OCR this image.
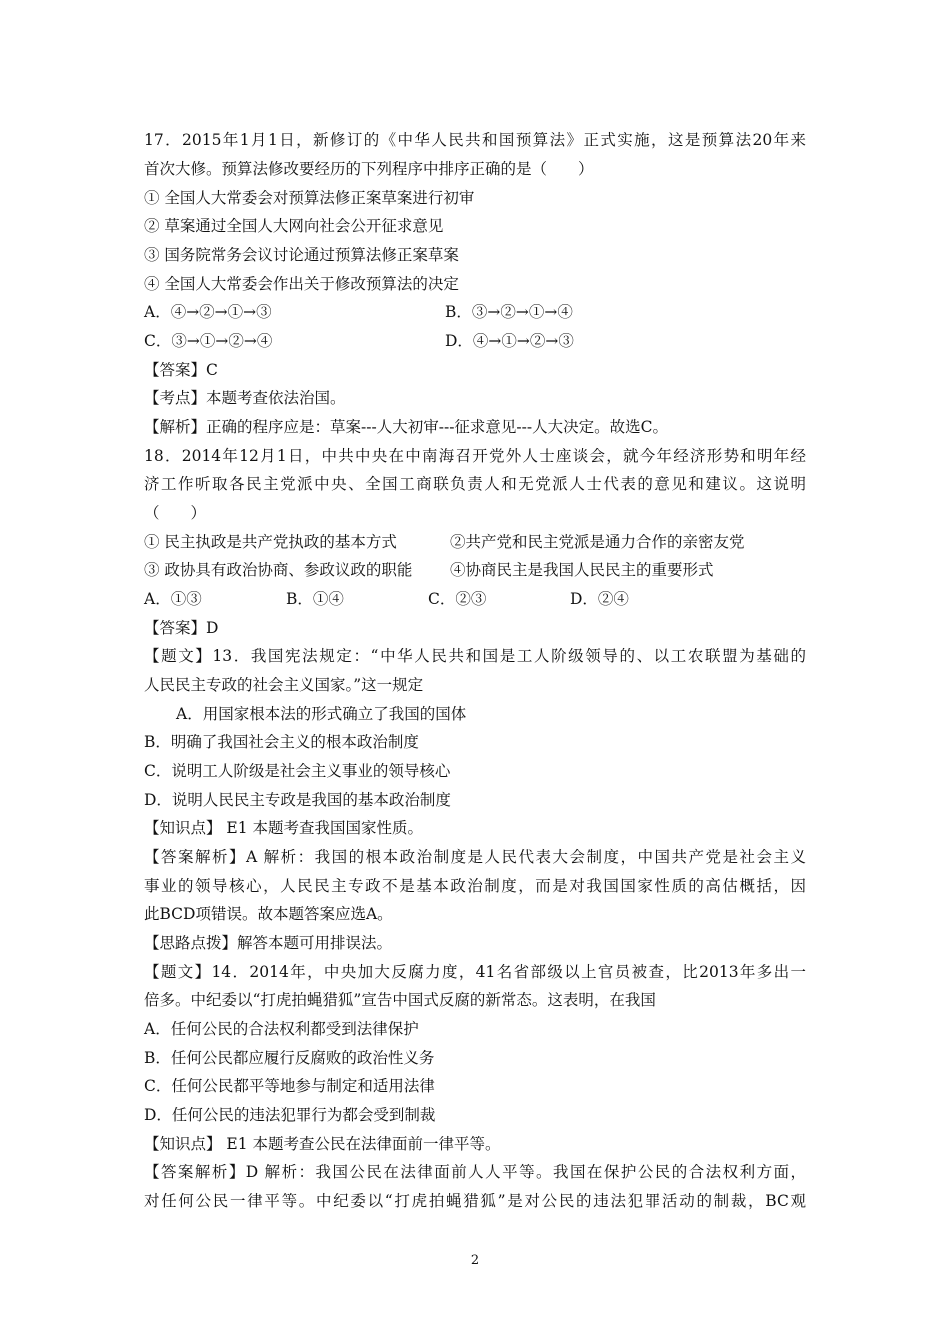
17．2015年1月1日，新修订的《中华人民共和国预算法》正式实施，这是预算法20年来
首次大修。预算法修改要经历的下列程序中排序正确的是（　　）
① 全国人大常委会对预算法修正案草案进行初审
② 草案通过全国人大网向社会公开征求意见
③ 国务院常务会议讨论通过预算法修正案草案
④ 全国人大常委会作出关于修改预算法的决定
A．④→②→①→③	B．③→②→①→④
C．③→①→②→④	D．④→①→②→③
【答案】C
【考点】本题考查依法治国。
【解析】正确的程序应是：草案---人大初审---征求意见---人大决定。故选C。
18．2014年12月1日，中共中央在中南海召开党外人士座谈会，就今年经济形势和明年经
济工作听取各民主党派中央、全国工商联负责人和无党派人士代表的意见和建议。这说明
（　　）
① 民主执政是共产党执政的基本方式	②共产党和民主党派是通力合作的亲密友党
③ 政协具有政治协商、参政议政的职能 ④协商民主是我国人民民主的重要形式
A．①③	B．①④	C．②③	D．②④
【答案】D
【题文】13．我国宪法规定：“中华人民共和国是工人阶级领导的、以工农联盟为基础的
人民民主专政的社会主义国家。”这一规定
A．用国家根本法的形式确立了我国的国体
B．明确了我国社会主义的根本政治制度
C．说明工人阶级是社会主义事业的领导核心
D．说明人民民主专政是我国的基本政治制度
【知识点】 E1 本题考查我国国家性质。
【答案解析】A 解析：我国的根本政治制度是人民代表大会制度，中国共产党是社会主义
事业的领导核心，人民民主专政不是基本政治制度，而是对我国国家性质的高估概括，因
此BCD项错误。故本题答案应选A。
【思路点拨】解答本题可用排误法。
【题文】14．2014年，中央加大反腐力度，41名省部级以上官员被查，比2013年多出一
倍多。中纪委以“打虎拍蝇猎狐”宣告中国式反腐的新常态。这表明，在我国
A．任何公民的合法权利都受到法律保护
B．任何公民都应履行反腐败的政治性义务
C．任何公民都平等地参与制定和适用法律
D．任何公民的违法犯罪行为都会受到制裁
【知识点】 E1 本题考查公民在法律面前一律平等。
【答案解析】D 解析：我国公民在法律面前人人平等。我国在保护公民的合法权利方面，
对任何公民一律平等。中纪委以“打虎拍蝇猎狐”是对公民的违法犯罪活动的制裁，BC观
2
